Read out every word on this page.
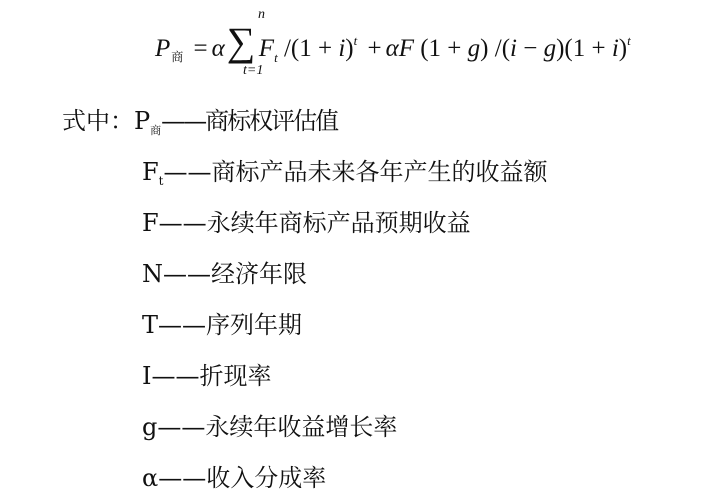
n
$P_商 = \alpha$ ∑ $F_t$ $/(1 + i)^t + \alpha F$ (1 + g) $/(i - g)(1 + i)^t$
t=1
式中：$P_商——$商标权评估值
$F_t——$商标产品未来各年产生的收益额
F——永续年商标产品预期收益
N——经济年限
T——序列年期
I——折现率
g——永续年收益增长率
α——收入分成率
